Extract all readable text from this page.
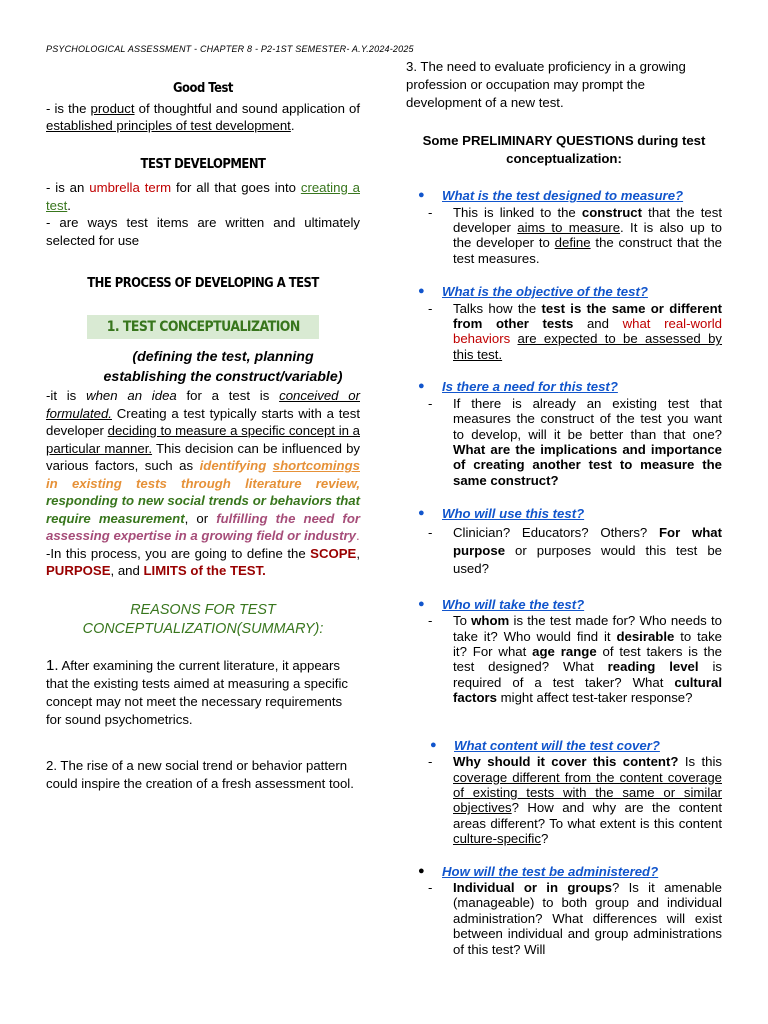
PSYCHOLOGICAL ASSESSMENT - CHAPTER 8 - P2-1ST SEMESTER- A.Y.2024-2025
Good Test

- is the product of thoughtful and sound application of established principles of test development.

TEST DEVELOPMENT

- is an umbrella term for all that goes into creating a test.

- are ways test items are written and ultimately selected for use

THE PROCESS OF DEVELOPING A TEST
1. TEST CONCEPTUALIZATION

(defining the test, planning establishing the construct/variable)

-it is when an idea for a test is conceived or formulated. Creating a test typically starts with a test developer deciding to measure a specific concept in a particular manner. This decision can be influenced by various factors, such as identifying shortcomings in existing tests through literature review, responding to new social trends or behaviors that require measurement, or fulfilling the need for assessing expertise in a growing field or industry.

-In this process, you are going to define the SCOPE, PURPOSE, and LIMITS of the TEST.

REASONS FOR TEST CONCEPTUALIZATION(SUMMARY):

1. After examining the current literature, it appears that the existing tests aimed at measuring a specific concept may not meet the necessary requirements for sound psychometrics.

2. The rise of a new social trend or behavior pattern could inspire the creation of a fresh assessment tool.

3. The need to evaluate proficiency in a growing profession or occupation may prompt the development of a new test.

Some PRELIMINARY QUESTIONS during test conceptualization:

● What is the test designed to measure?
- This is linked to the construct that the test developer aims to measure. It is also up to the developer to define the construct that the test measures.
● What is the objective of the test?
- Talks how the test is the same or different from other tests and what real-world behaviors are expected to be assessed by this test.
● Is there a need for this test?
- If there is already an existing test that measures the construct of the test you want to develop, will it be better than that one? What are the implications and importance of creating another test to measure the same construct?
● Who will use this test?
- Clinician? Educators? Others? For what purpose or purposes would this test be used?
● Who will take the test?
- To whom is the test made for? Who needs to take it? Who would find it desirable to take it? For what age range of test takers is the test designed? What reading level is required of a test taker? What cultural factors might affect test-taker response?
● What content will the test cover?
- Why should it cover this content? Is this coverage different from the content coverage of existing tests with the same or similar objectives? How and why are the content areas different? To what extent is this content culture-specific?
● How will the test be administered?
- Individual or in groups? Is it amenable (manageable) to both group and individual administration? What differences will exist between individual and group administrations of this test? Will
